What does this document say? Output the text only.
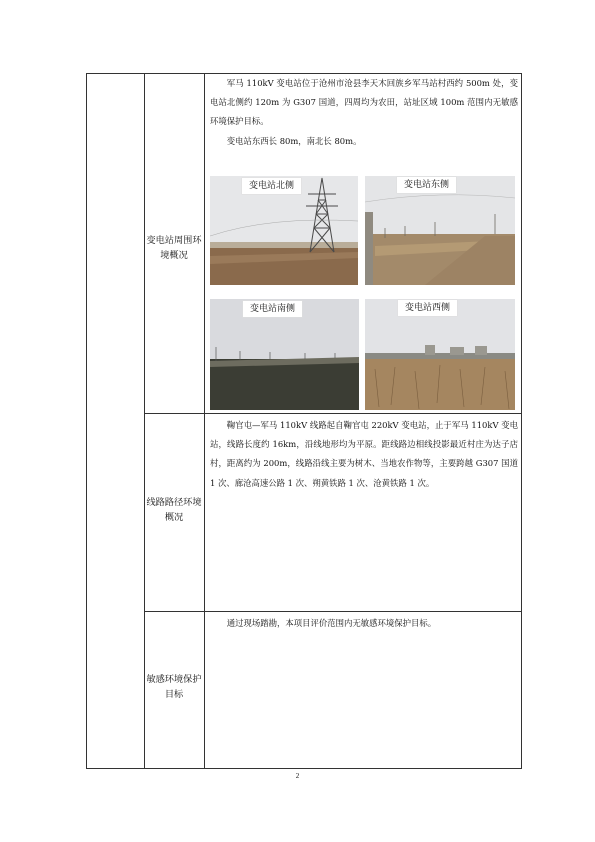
变电站周围环境概况
线路路径环境概况
敏感环境保护目标
军马 110kV 变电站位于沧州市沧县李天木回族乡军马站村西约 500m 处，变电站北侧约 120m 为 G307 国道，四周均为农田，站址区域 100m 范围内无敏感环境保护目标。
变电站东西长 80m，南北长 80m。
变电站北侧	变电站东侧
变电站南侧	变电站西侧
鞠官屯—军马 110kV 线路起自鞠官屯 220kV 变电站，止于军马 110kV 变电站，线路长度约 16km，沿线地形均为平原。距线路边相线投影最近村庄为达子店村，距离约为 200m，线路沿线主要为树木、当地农作物等，主要跨越 G307 国道 1 次、廊沧高速公路 1 次、朔黄铁路 1 次、沧黄铁路 1 次。
通过现场踏勘，本项目评价范围内无敏感环境保护目标。
2
